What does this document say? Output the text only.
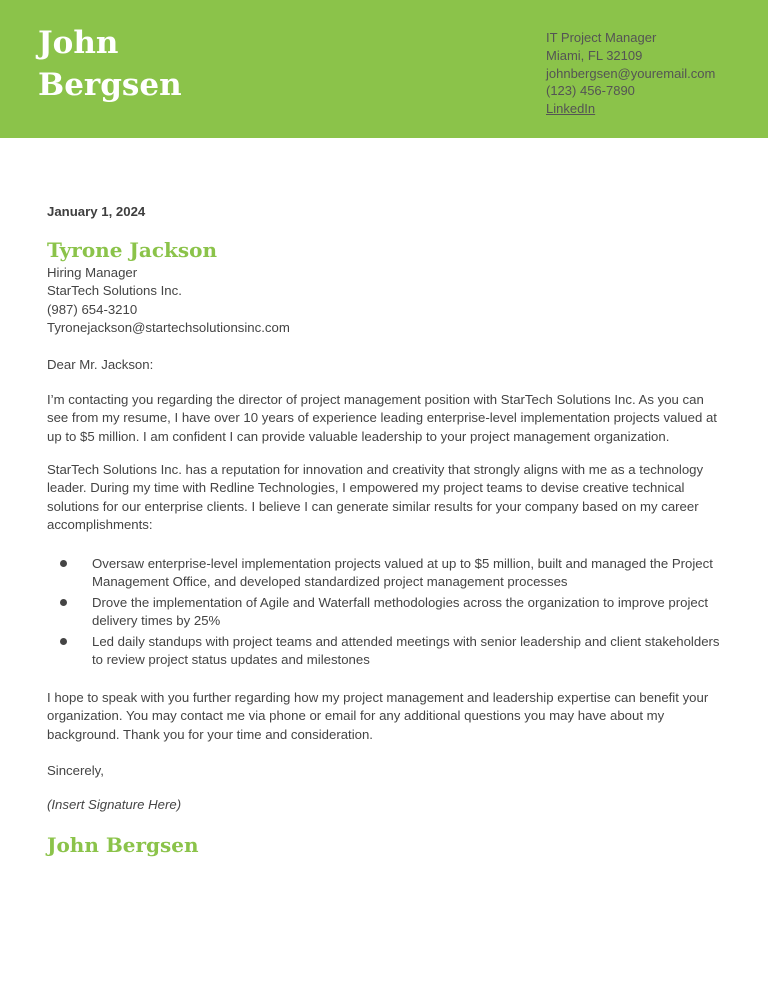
John
Bergsen
IT Project Manager
Miami, FL 32109
johnbergsen@youremail.com
(123) 456-7890
LinkedIn
January 1, 2024
Tyrone Jackson
Hiring Manager
StarTech Solutions Inc.
(987) 654-3210
Tyronejackson@startechsolutionsinc.com
Dear Mr. Jackson:
I’m contacting you regarding the director of project management position with StarTech Solutions Inc. As you can see from my resume, I have over 10 years of experience leading enterprise-level implementation projects valued at up to $5 million. I am confident I can provide valuable leadership to your project management organization.
StarTech Solutions Inc. has a reputation for innovation and creativity that strongly aligns with me as a technology leader. During my time with Redline Technologies, I empowered my project teams to devise creative technical solutions for our enterprise clients. I believe I can generate similar results for your company based on my career accomplishments:
Oversaw enterprise-level implementation projects valued at up to $5 million, built and managed the Project Management Office, and developed standardized project management processes
Drove the implementation of Agile and Waterfall methodologies across the organization to improve project delivery times by 25%
Led daily standups with project teams and attended meetings with senior leadership and client stakeholders to review project status updates and milestones
I hope to speak with you further regarding how my project management and leadership expertise can benefit your organization. You may contact me via phone or email for any additional questions you may have about my background. Thank you for your time and consideration.
Sincerely,
(Insert Signature Here)
John Bergsen
